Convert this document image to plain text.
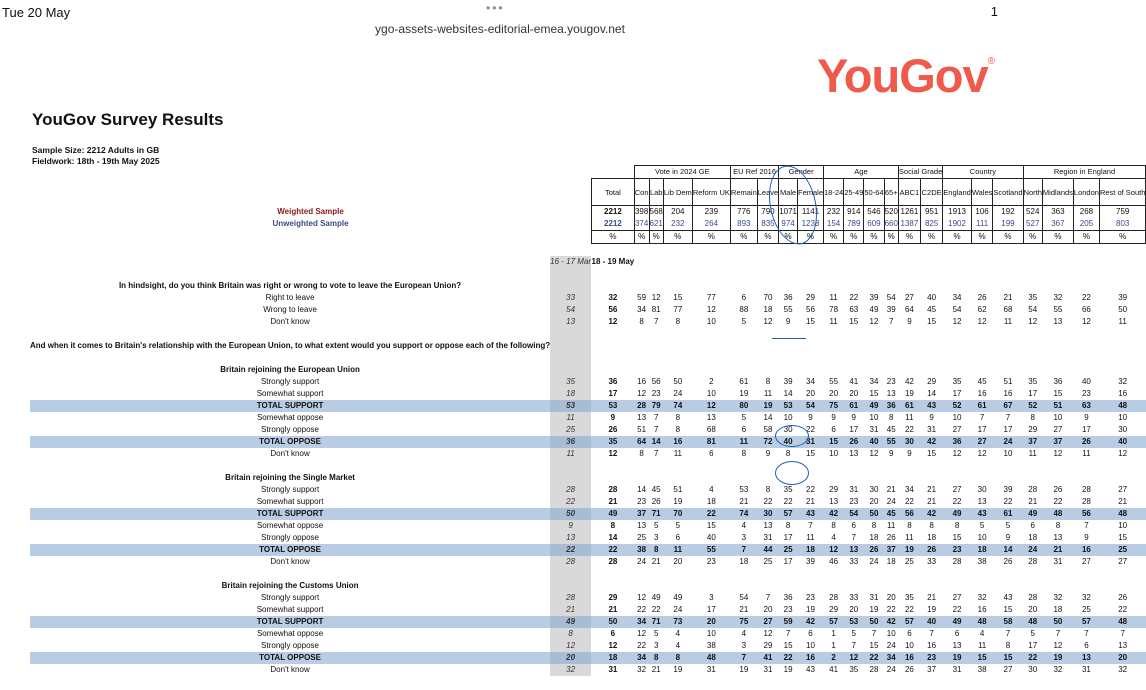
Tue 20 May	•••	1
ygo-assets-websites-editorial-emea.yougov.net
YouGov®
YouGov Survey Results
Sample Size: 2212 Adults in GB
Fieldwork: 18th - 19th May 2025
				Vote in 2024 GE				EU Ref 2016		Gender		Age				Social Grade		Country			Region in England			
			Total	Con	Lab	Lib Dem	Reform UK	Remain	Leave	Male	Female	18-24	25-49	50-64	65+	ABC1	C2DE	England	Wales	Scotland	North	Midlands	London	Rest of South
Weighted Sample		2212	398	568	204	239	776	790	1071	1141	232	914	546	520	1261	951	1913	106	192	524	363	268	759
Unweighted Sample		2212	374	621	232	264	893	835	974	1238	154	789	609	660	1387	825	1902	111	199	527	367	205	803
			%	%	%	%	%	%	%	%	%	%	%	%	%	%	%	%	%	%	%	%	%	%

	16 - 17 Mar		18 - 19 May																					

In hindsight, do you think Britain was right or wrong to vote to leave the European Union?																							
Right to leave	33		32	59	12	15	77	6	70	36	29	11	22	39	54	27	40	34	26	21	35	32	22	39
Wrong to leave	54		56	34	81	77	12	88	18	55	56	78	63	49	39	64	45	54	62	68	54	55	66	50
Don't know	13		12	8	7	8	10	5	12	9	15	11	15	12	7	9	15	12	12	11	12	13	12	11

And when it comes to Britain's relationship with the European Union, to what extent would you support or oppose each of the following?																							

Britain rejoining the European Union																							
Strongly support	35		36	16	56	50	2	61	8	39	34	55	41	34	23	42	29	35	45	51	35	36	40	32
Somewhat support	18		17	12	23	24	10	19	11	14	20	20	20	15	13	19	14	17	16	16	17	15	23	16
TOTAL SUPPORT	53		53	28	79	74	12	80	19	53	54	75	61	49	36	61	43	52	61	67	52	51	63	48
Somewhat oppose	11		9	13	7	8	13	5	14	10	9	9	9	10	8	11	9	10	7	7	8	10	9	10
Strongly oppose	25		26	51	7	8	68	6	58	30	22	6	17	31	45	22	31	27	17	17	29	27	17	30
TOTAL OPPOSE	36		35	64	14	16	81	11	72	40	31	15	26	40	55	30	42	36	27	24	37	37	26	40
Don't know	11		12	8	7	11	6	8	9	8	15	10	13	12	9	9	15	12	12	10	11	12	11	12

Britain rejoining the Single Market																							
Strongly support	28		28	14	45	51	4	53	8	35	22	29	31	30	21	34	21	27	30	39	28	26	28	27
Somewhat support	22		21	23	26	19	18	21	22	22	21	13	23	20	24	22	21	22	13	22	21	22	28	21
TOTAL SUPPORT	50		49	37	71	70	22	74	30	57	43	42	54	50	45	56	42	49	43	61	49	48	56	48
Somewhat oppose	9		8	13	5	5	15	4	13	8	7	8	6	8	11	8	8	8	5	5	6	8	7	10
Strongly oppose	13		14	25	3	6	40	3	31	17	11	4	7	18	26	11	18	15	10	9	18	13	9	15
TOTAL OPPOSE	22		22	38	8	11	55	7	44	25	18	12	13	26	37	19	26	23	18	14	24	21	16	25
Don't know	28		28	24	21	20	23	18	25	17	39	46	33	24	18	25	33	28	38	26	28	31	27	27

Britain rejoining the Customs Union																							
Strongly support	28		29	12	49	49	3	54	7	36	23	28	33	31	20	35	21	27	32	43	28	32	32	26
Somewhat support	21		21	22	22	24	17	21	20	23	19	29	20	19	22	22	19	22	16	15	20	18	25	22
TOTAL SUPPORT	49		50	34	71	73	20	75	27	59	42	57	53	50	42	57	40	49	48	58	48	50	57	48
Somewhat oppose	8		6	12	5	4	10	4	12	7	6	1	5	7	10	6	7	6	4	7	5	7	7	7
Strongly oppose	12		12	22	3	4	38	3	29	15	10	1	7	15	24	10	16	13	11	8	17	12	6	13
TOTAL OPPOSE	20		18	34	8	8	48	7	41	22	16	2	12	22	34	16	23	19	15	15	22	19	13	20
Don't know	32		31	32	21	19	31	19	31	19	43	41	35	28	24	26	37	31	38	27	30	32	31	32
